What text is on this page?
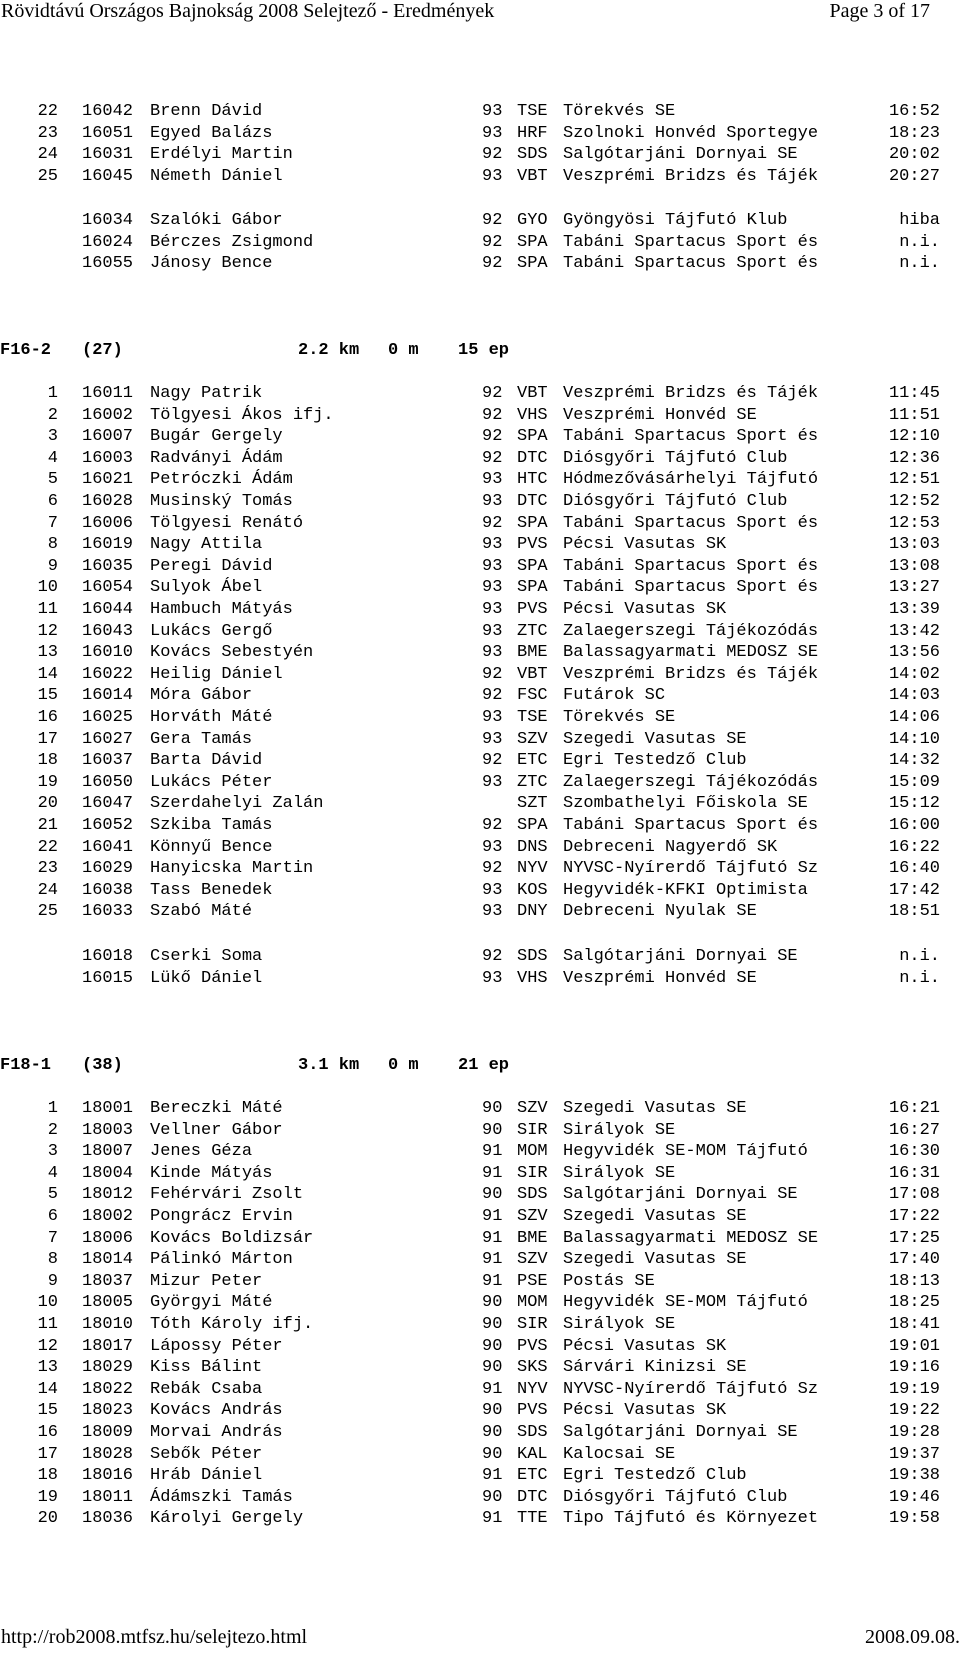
Rövidtávú Országos Bajnokság 2008 Selejtező - Eredmények	Page 3 of 17
22 16042 Brenn Dávid	93 TSE Törekvés SE	16:52
23 16051 Egyed Balázs	93 HRF Szolnoki Honvéd Sportegye	18:23
24 16031 Erdélyi Martin	92 SDS Salgótarjáni Dornyai SE	20:02
25 16045 Németh Dániel	93 VBT Veszprémi Bridzs és Tájék	20:27
16034 Szalóki Gábor	92 GYO Gyöngyösi Tájfutó Klub	hiba
16024 Bérczes Zsigmond	92 SPA Tabáni Spartacus Sport és	n.i.
16055 Jánosy Bence	92 SPA Tabáni Spartacus Sport és	n.i.
F16-2 (27)	2.2 km 0 m 15 ep
1 16011 Nagy Patrik	92 VBT Veszprémi Bridzs és Tájék	11:45
2 16002 Tölgyesi Ákos ifj.	92 VHS Veszprémi Honvéd SE	11:51
3 16007 Bugár Gergely	92 SPA Tabáni Spartacus Sport és	12:10
4 16003 Radványi Ádám	92 DTC Diósgyőri Tájfutó Club	12:36
5 16021 Petróczki Ádám	93 HTC Hódmezővásárhelyi Tájfutó	12:51
6 16028 Musinský Tomás	93 DTC Diósgyőri Tájfutó Club	12:52
7 16006 Tölgyesi Renátó	92 SPA Tabáni Spartacus Sport és	12:53
8 16019 Nagy Attila	93 PVS Pécsi Vasutas SK	13:03
9 16035 Peregi Dávid	93 SPA Tabáni Spartacus Sport és	13:08
10 16054 Sulyok Ábel	93 SPA Tabáni Spartacus Sport és	13:27
11 16044 Hambuch Mátyás	93 PVS Pécsi Vasutas SK	13:39
12 16043 Lukács Gergő	93 ZTC Zalaegerszegi Tájékozódás	13:42
13 16010 Kovács Sebestyén	93 BME Balassagyarmati MEDOSZ SE	13:56
14 16022 Heilig Dániel	92 VBT Veszprémi Bridzs és Tájék	14:02
15 16014 Móra Gábor	92 FSC Futárok SC	14:03
16 16025 Horváth Máté	93 TSE Törekvés SE	14:06
17 16027 Gera Tamás	93 SZV Szegedi Vasutas SE	14:10
18 16037 Barta Dávid	92 ETC Egri Testedző Club	14:32
19 16050 Lukács Péter	93 ZTC Zalaegerszegi Tájékozódás	15:09
20 16047 Szerdahelyi Zalán	SZT Szombathelyi Főiskola SE	15:12
21 16052 Szkiba Tamás	92 SPA Tabáni Spartacus Sport és	16:00
22 16041 Könnyű Bence	93 DNS Debreceni Nagyerdő SK	16:22
23 16029 Hanyicska Martin	92 NYV NYVSC-Nyírerdő Tájfutó Sz	16:40
24 16038 Tass Benedek	93 KOS Hegyvidék-KFKI Optimista	17:42
25 16033 Szabó Máté	93 DNY Debreceni Nyulak SE	18:51
16018 Cserki Soma	92 SDS Salgótarjáni Dornyai SE	n.i.
16015 Lükő Dániel	93 VHS Veszprémi Honvéd SE	n.i.
F18-1 (38)	3.1 km 0 m 21 ep
1 18001 Bereczki Máté	90 SZV Szegedi Vasutas SE	16:21
2 18003 Vellner Gábor	90 SIR Sirályok SE	16:27
3 18007 Jenes Géza	91 MOM Hegyvidék SE-MOM Tájfutó	16:30
4 18004 Kinde Mátyás	91 SIR Sirályok SE	16:31
5 18012 Fehérvári Zsolt	90 SDS Salgótarjáni Dornyai SE	17:08
6 18002 Pongrácz Ervin	91 SZV Szegedi Vasutas SE	17:22
7 18006 Kovács Boldizsár	91 BME Balassagyarmati MEDOSZ SE	17:25
8 18014 Pálinkó Márton	91 SZV Szegedi Vasutas SE	17:40
9 18037 Mizur Peter	91 PSE Postás SE	18:13
10 18005 Györgyi Máté	90 MOM Hegyvidék SE-MOM Tájfutó	18:25
11 18010 Tóth Károly ifj.	90 SIR Sirályok SE	18:41
12 18017 Lápossy Péter	90 PVS Pécsi Vasutas SK	19:01
13 18029 Kiss Bálint	90 SKS Sárvári Kinizsi SE	19:16
14 18022 Rebák Csaba	91 NYV NYVSC-Nyírerdő Tájfutó Sz	19:19
15 18023 Kovács András	90 PVS Pécsi Vasutas SK	19:22
16 18009 Morvai András	90 SDS Salgótarjáni Dornyai SE	19:28
17 18028 Sebők Péter	90 KAL Kalocsai SE	19:37
18 18016 Hráb Dániel	91 ETC Egri Testedző Club	19:38
19 18011 Ádámszki Tamás	90 DTC Diósgyőri Tájfutó Club	19:46
20 18036 Károlyi Gergely	91 TTE Tipo Tájfutó és Környezet	19:58
http://rob2008.mtfsz.hu/selejtezo.html	2008.09.08.
